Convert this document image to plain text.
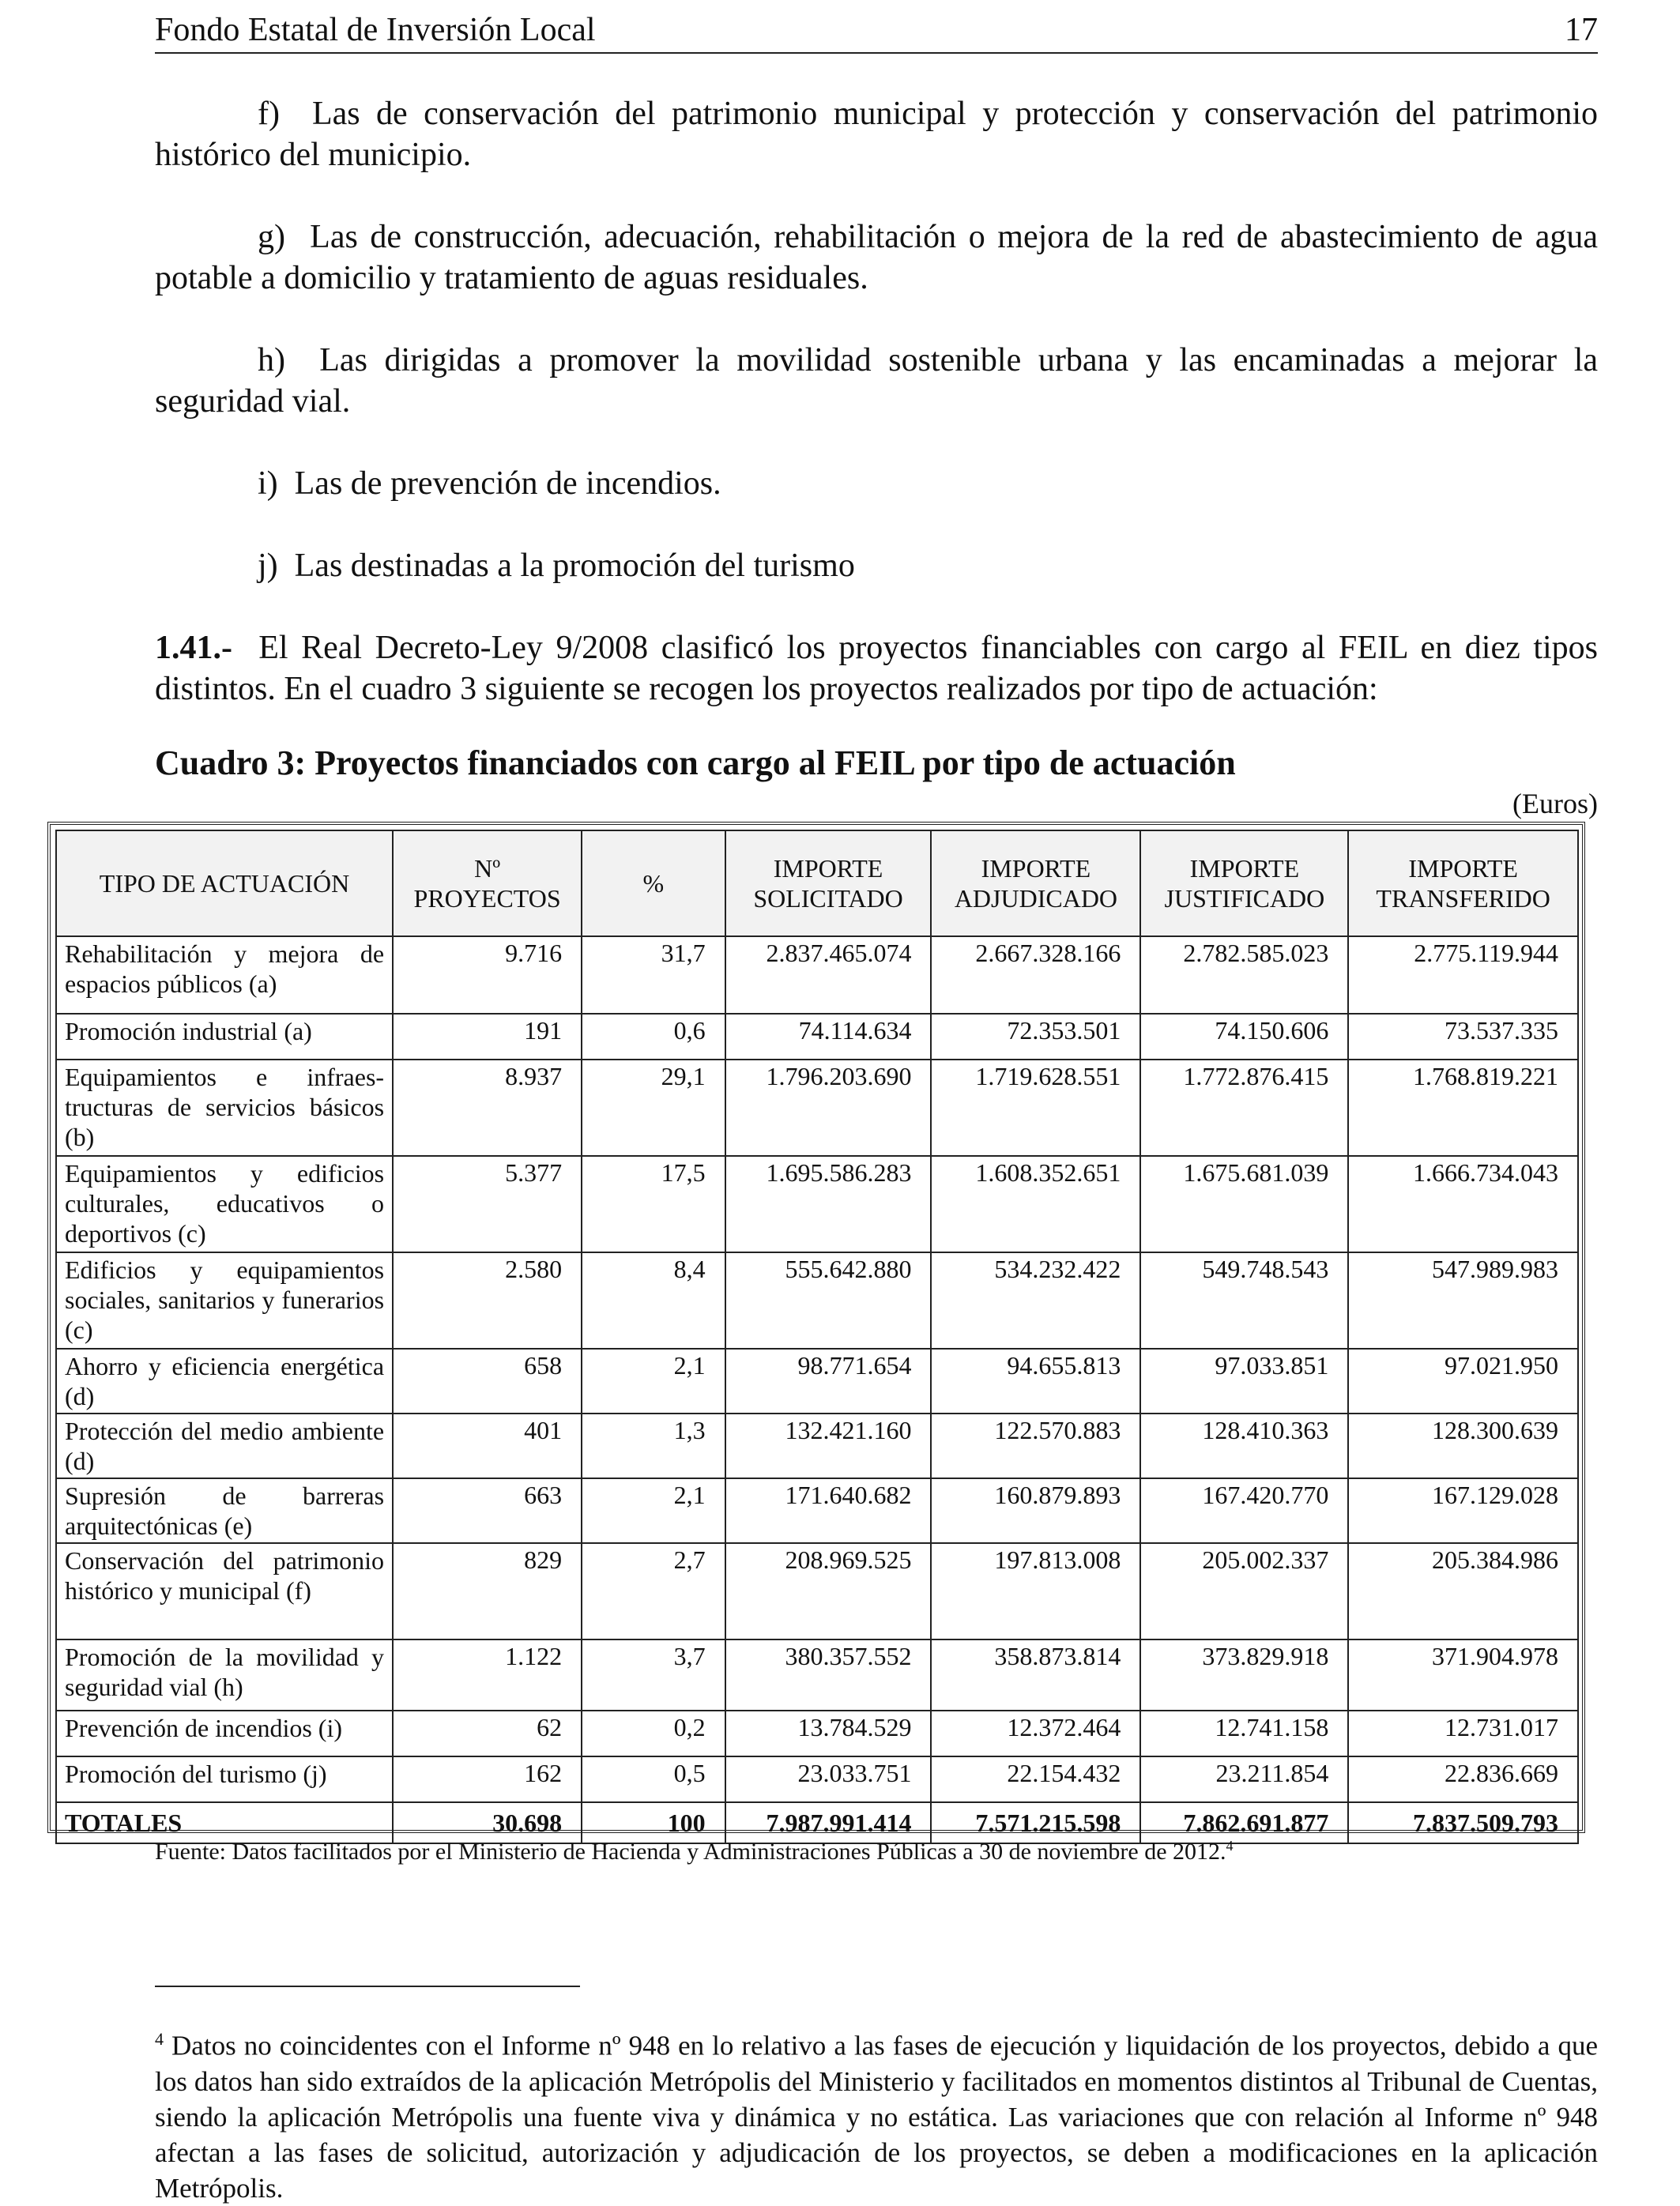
Fondo Estatal de Inversión Local	17

f) Las de conservación del patrimonio municipal y protección y conservación del patrimonio histórico del municipio.

g) Las de construcción, adecuación, rehabilitación o mejora de la red de abastecimiento de agua potable a domicilio y tratamiento de aguas residuales.

h) Las dirigidas a promover la movilidad sostenible urbana y las encaminadas a mejorar la seguridad vial.

i) Las de prevención de incendios.
j) Las destinadas a la promoción del turismo

1.41.- El Real Decreto-Ley 9/2008 clasificó los proyectos financiables con cargo al FEIL en diez tipos distintos. En el cuadro 3 siguiente se recogen los proyectos realizados por tipo de actuación:

Cuadro 3: Proyectos financiados con cargo al FEIL por tipo de actuación
(Euros)
TIPO DE ACTUACIÓN	Nº PROYECTOS	%	IMPORTE SOLICITADO	IMPORTE ADJUDICADO	IMPORTE JUSTIFICADO	IMPORTE TRANSFERIDO
Rehabilitación y mejora de espacios públicos (a)	9.716	31,7	2.837.465.074	2.667.328.166	2.782.585.023	2.775.119.944
Promoción industrial (a)	191	0,6	74.114.634	72.353.501	74.150.606	73.537.335
Equipamientos e infraes-tructuras de servicios básicos (b)	8.937	29,1	1.796.203.690	1.719.628.551	1.772.876.415	1.768.819.221
Equipamientos y edificios culturales, educativos o deportivos (c)	5.377	17,5	1.695.586.283	1.608.352.651	1.675.681.039	1.666.734.043
Edificios y equipamientos sociales, sanitarios y funerarios (c)	2.580	8,4	555.642.880	534.232.422	549.748.543	547.989.983
Ahorro y eficiencia energética (d)	658	2,1	98.771.654	94.655.813	97.033.851	97.021.950
Protección del medio ambiente (d)	401	1,3	132.421.160	122.570.883	128.410.363	128.300.639
Supresión de barreras arquitectónicas (e)	663	2,1	171.640.682	160.879.893	167.420.770	167.129.028
Conservación del patrimonio histórico y municipal (f)	829	2,7	208.969.525	197.813.008	205.002.337	205.384.986
Promoción de la movilidad y seguridad vial (h)	1.122	3,7	380.357.552	358.873.814	373.829.918	371.904.978
Prevención de incendios (i)	62	0,2	13.784.529	12.372.464	12.741.158	12.731.017
Promoción del turismo (j)	162	0,5	23.033.751	22.154.432	23.211.854	22.836.669
TOTALES	30.698	100	7.987.991.414	7.571.215.598	7.862.691.877	7.837.509.793
Fuente: Datos facilitados por el Ministerio de Hacienda y Administraciones Públicas a 30 de noviembre de 2012.$^4$

$^4$ Datos no coincidentes con el Informe nº 948 en lo relativo a las fases de ejecución y liquidación de los proyectos, debido a que los datos han sido extraídos de la aplicación Metrópolis del Ministerio y facilitados en momentos distintos al Tribunal de Cuentas, siendo la aplicación Metrópolis una fuente viva y dinámica y no estática. Las variaciones que con relación al Informe nº 948 afectan a las fases de solicitud, autorización y adjudicación de los proyectos, se deben a modificaciones en la aplicación Metrópolis.
